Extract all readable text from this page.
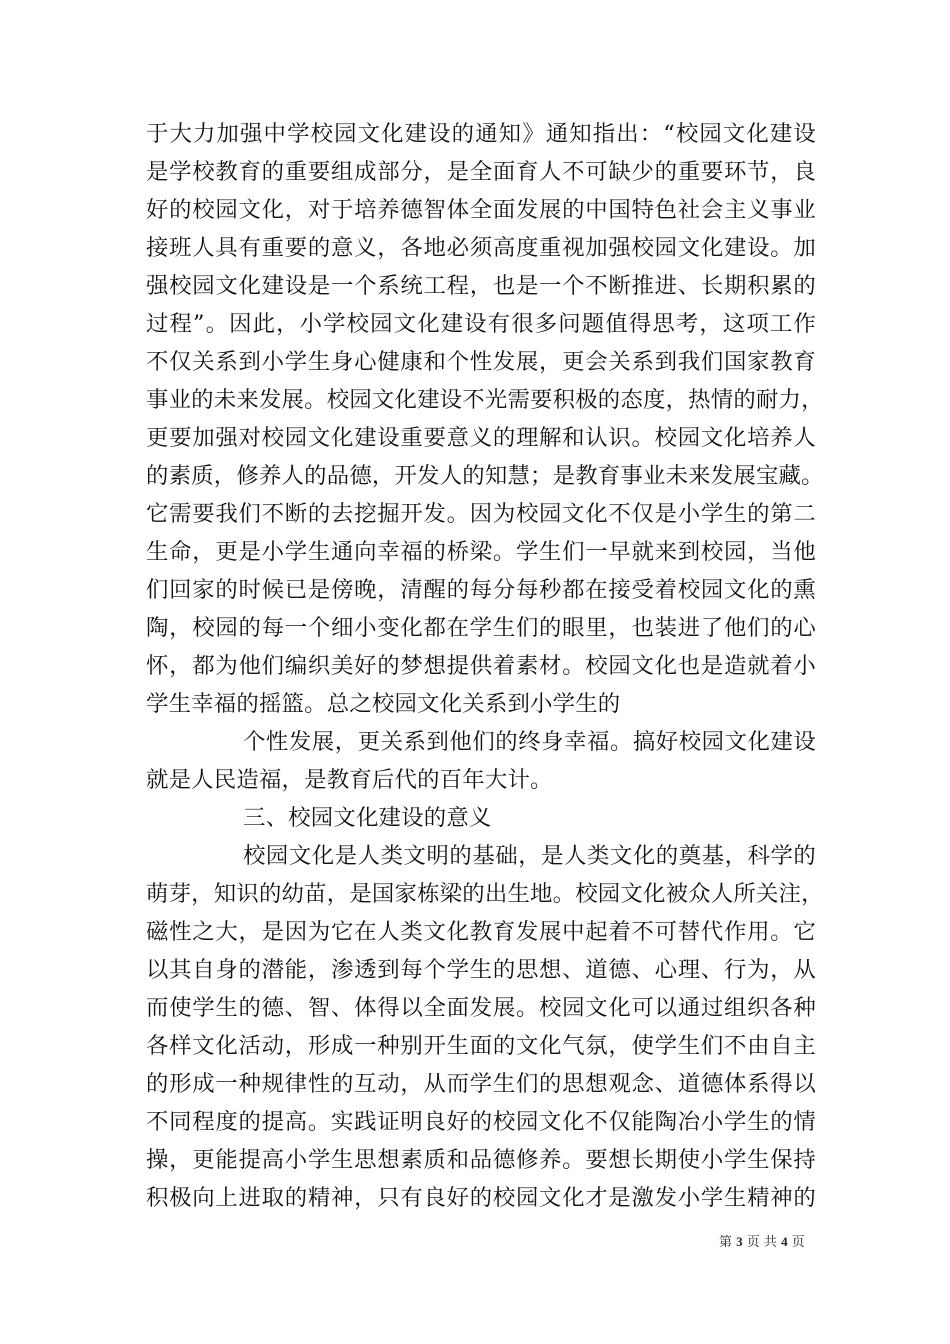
于大力加强中学校园文化建设的通知》通知指出：“校园文化建设
是学校教育的重要组成部分，是全面育人不可缺少的重要环节，良
好的校园文化，对于培养德智体全面发展的中国特色社会主义事业
接班人具有重要的意义，各地必须高度重视加强校园文化建设。加
强校园文化建设是一个系统工程，也是一个不断推进、长期积累的
过程”。因此，小学校园文化建设有很多问题值得思考，这项工作
不仅关系到小学生身心健康和个性发展，更会关系到我们国家教育
事业的未来发展。校园文化建设不光需要积极的态度，热情的耐力，
更要加强对校园文化建设重要意义的理解和认识。校园文化培养人
的素质，修养人的品德，开发人的知慧；是教育事业未来发展宝藏。
它需要我们不断的去挖掘开发。因为校园文化不仅是小学生的第二
生命，更是小学生通向幸福的桥梁。学生们一早就来到校园，当他
们回家的时候已是傍晚，清醒的每分每秒都在接受着校园文化的熏
陶，校园的每一个细小变化都在学生们的眼里，也装进了他们的心
怀，都为他们编织美好的梦想提供着素材。校园文化也是造就着小
学生幸福的摇篮。总之校园文化关系到小学生的
个性发展，更关系到他们的终身幸福。搞好校园文化建设
就是人民造福，是教育后代的百年大计。
三、校园文化建设的意义
校园文化是人类文明的基础，是人类文化的奠基，科学的
萌芽，知识的幼苗，是国家栋梁的出生地。校园文化被众人所关注，
磁性之大，是因为它在人类文化教育发展中起着不可替代作用。它
以其自身的潜能，渗透到每个学生的思想、道德、心理、行为，从
而使学生的德、智、体得以全面发展。校园文化可以通过组织各种
各样文化活动，形成一种别开生面的文化气氛，使学生们不由自主
的形成一种规律性的互动，从而学生们的思想观念、道德体系得以
不同程度的提高。实践证明良好的校园文化不仅能陶冶小学生的情
操，更能提高小学生思想素质和品德修养。要想长期使小学生保持
积极向上进取的精神，只有良好的校园文化才是激发小学生精神的
第 3 页 共 4 页
